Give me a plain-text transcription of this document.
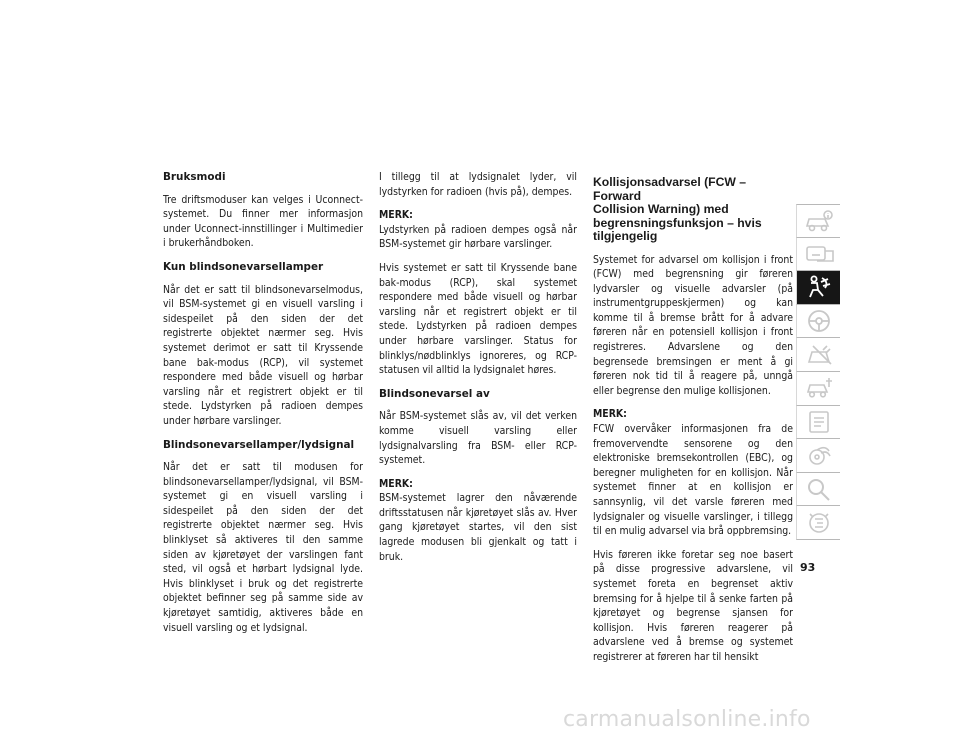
Bruksmodi

Tre driftsmoduser kan velges i Uconnect-systemet. Du finner mer informasjon under Uconnect-innstillinger i Multimedier i brukerhåndboken.

Kun blindsonevarsellamper

Når det er satt til blindsonevarselmodus, vil BSM-systemet gi en visuell varsling i sidespeilet på den siden der det registrerte objektet nærmer seg. Hvis systemet derimot er satt til Kryssende bane bak-modus (RCP), vil systemet respondere med både visuell og hørbar varsling når et registrert objekt er til stede. Lydstyrken på radioen dempes under hørbare varslinger.

Blindsonevarsellamper/lydsignal

Når det er satt til modusen for blindsonevarsellamper/lydsignal, vil BSM-systemet gi en visuell varsling i sidespeilet på den siden der det registrerte objektet nærmer seg. Hvis blinklyset så aktiveres til den samme siden av kjøretøyet der varslingen fant sted, vil også et hørbart lydsignal lyde. Hvis blinklyset i bruk og det registrerte objektet befinner seg på samme side av kjøretøyet samtidig, aktiveres både en visuell varsling og et lydsignal.

I tillegg til at lydsignalet lyder, vil lydstyrken for radioen (hvis på), dempes.

MERK:
Lydstyrken på radioen dempes også når BSM-systemet gir hørbare varslinger.

Hvis systemet er satt til Kryssende bane bak-modus (RCP), skal systemet respondere med både visuell og hørbar varsling når et registrert objekt er til stede. Lydstyrken på radioen dempes under hørbare varslinger. Status for blinklys/nødblinklys ignoreres, og RCP-statusen vil alltid la lydsignalet høres.

Blindsonevarsel av

Når BSM-systemet slås av, vil det verken komme visuell varsling eller lydsignalvarsling fra BSM- eller RCP-systemet.

MERK:
BSM-systemet lagrer den nåværende driftsstatusen når kjøretøyet slås av. Hver gang kjøretøyet startes, vil den sist lagrede modusen bli gjenkalt og tatt i bruk.
Kollisjonsadvarsel (FCW – Forward
Collision Warning) med
begrensningsfunksjon – hvis tilgjengelig

Systemet for advarsel om kollisjon i front (FCW) med begrensning gir føreren lydvarsler og visuelle advarsler (på instrumentgruppeskjermen) og kan komme til å bremse brått for å advare føreren når en potensiell kollisjon i front registreres. Advarslene og den begrensede bremsingen er ment å gi føreren nok tid til å reagere på, unngå eller begrense den mulige kollisjonen.

MERK:
FCW overvåker informasjonen fra de fremovervendte sensorene og den elektroniske bremsekontrollen (EBC), og beregner muligheten for en kollisjon. Når systemet finner at en kollisjon er sannsynlig, vil det varsle føreren med lydsignaler og visuelle varslinger, i tillegg til en mulig advarsel via brå oppbremsing.

Hvis føreren ikke foretar seg noe basert på disse progressive advarslene, vil systemet foreta en begrenset aktiv bremsing for å hjelpe til å senke farten på kjøretøyet og begrense sjansen for kollisjon. Hvis føreren reagerer på advarslene ved å bremse og systemet registrerer at føreren har til hensikt

93
carmanualsonline.info
